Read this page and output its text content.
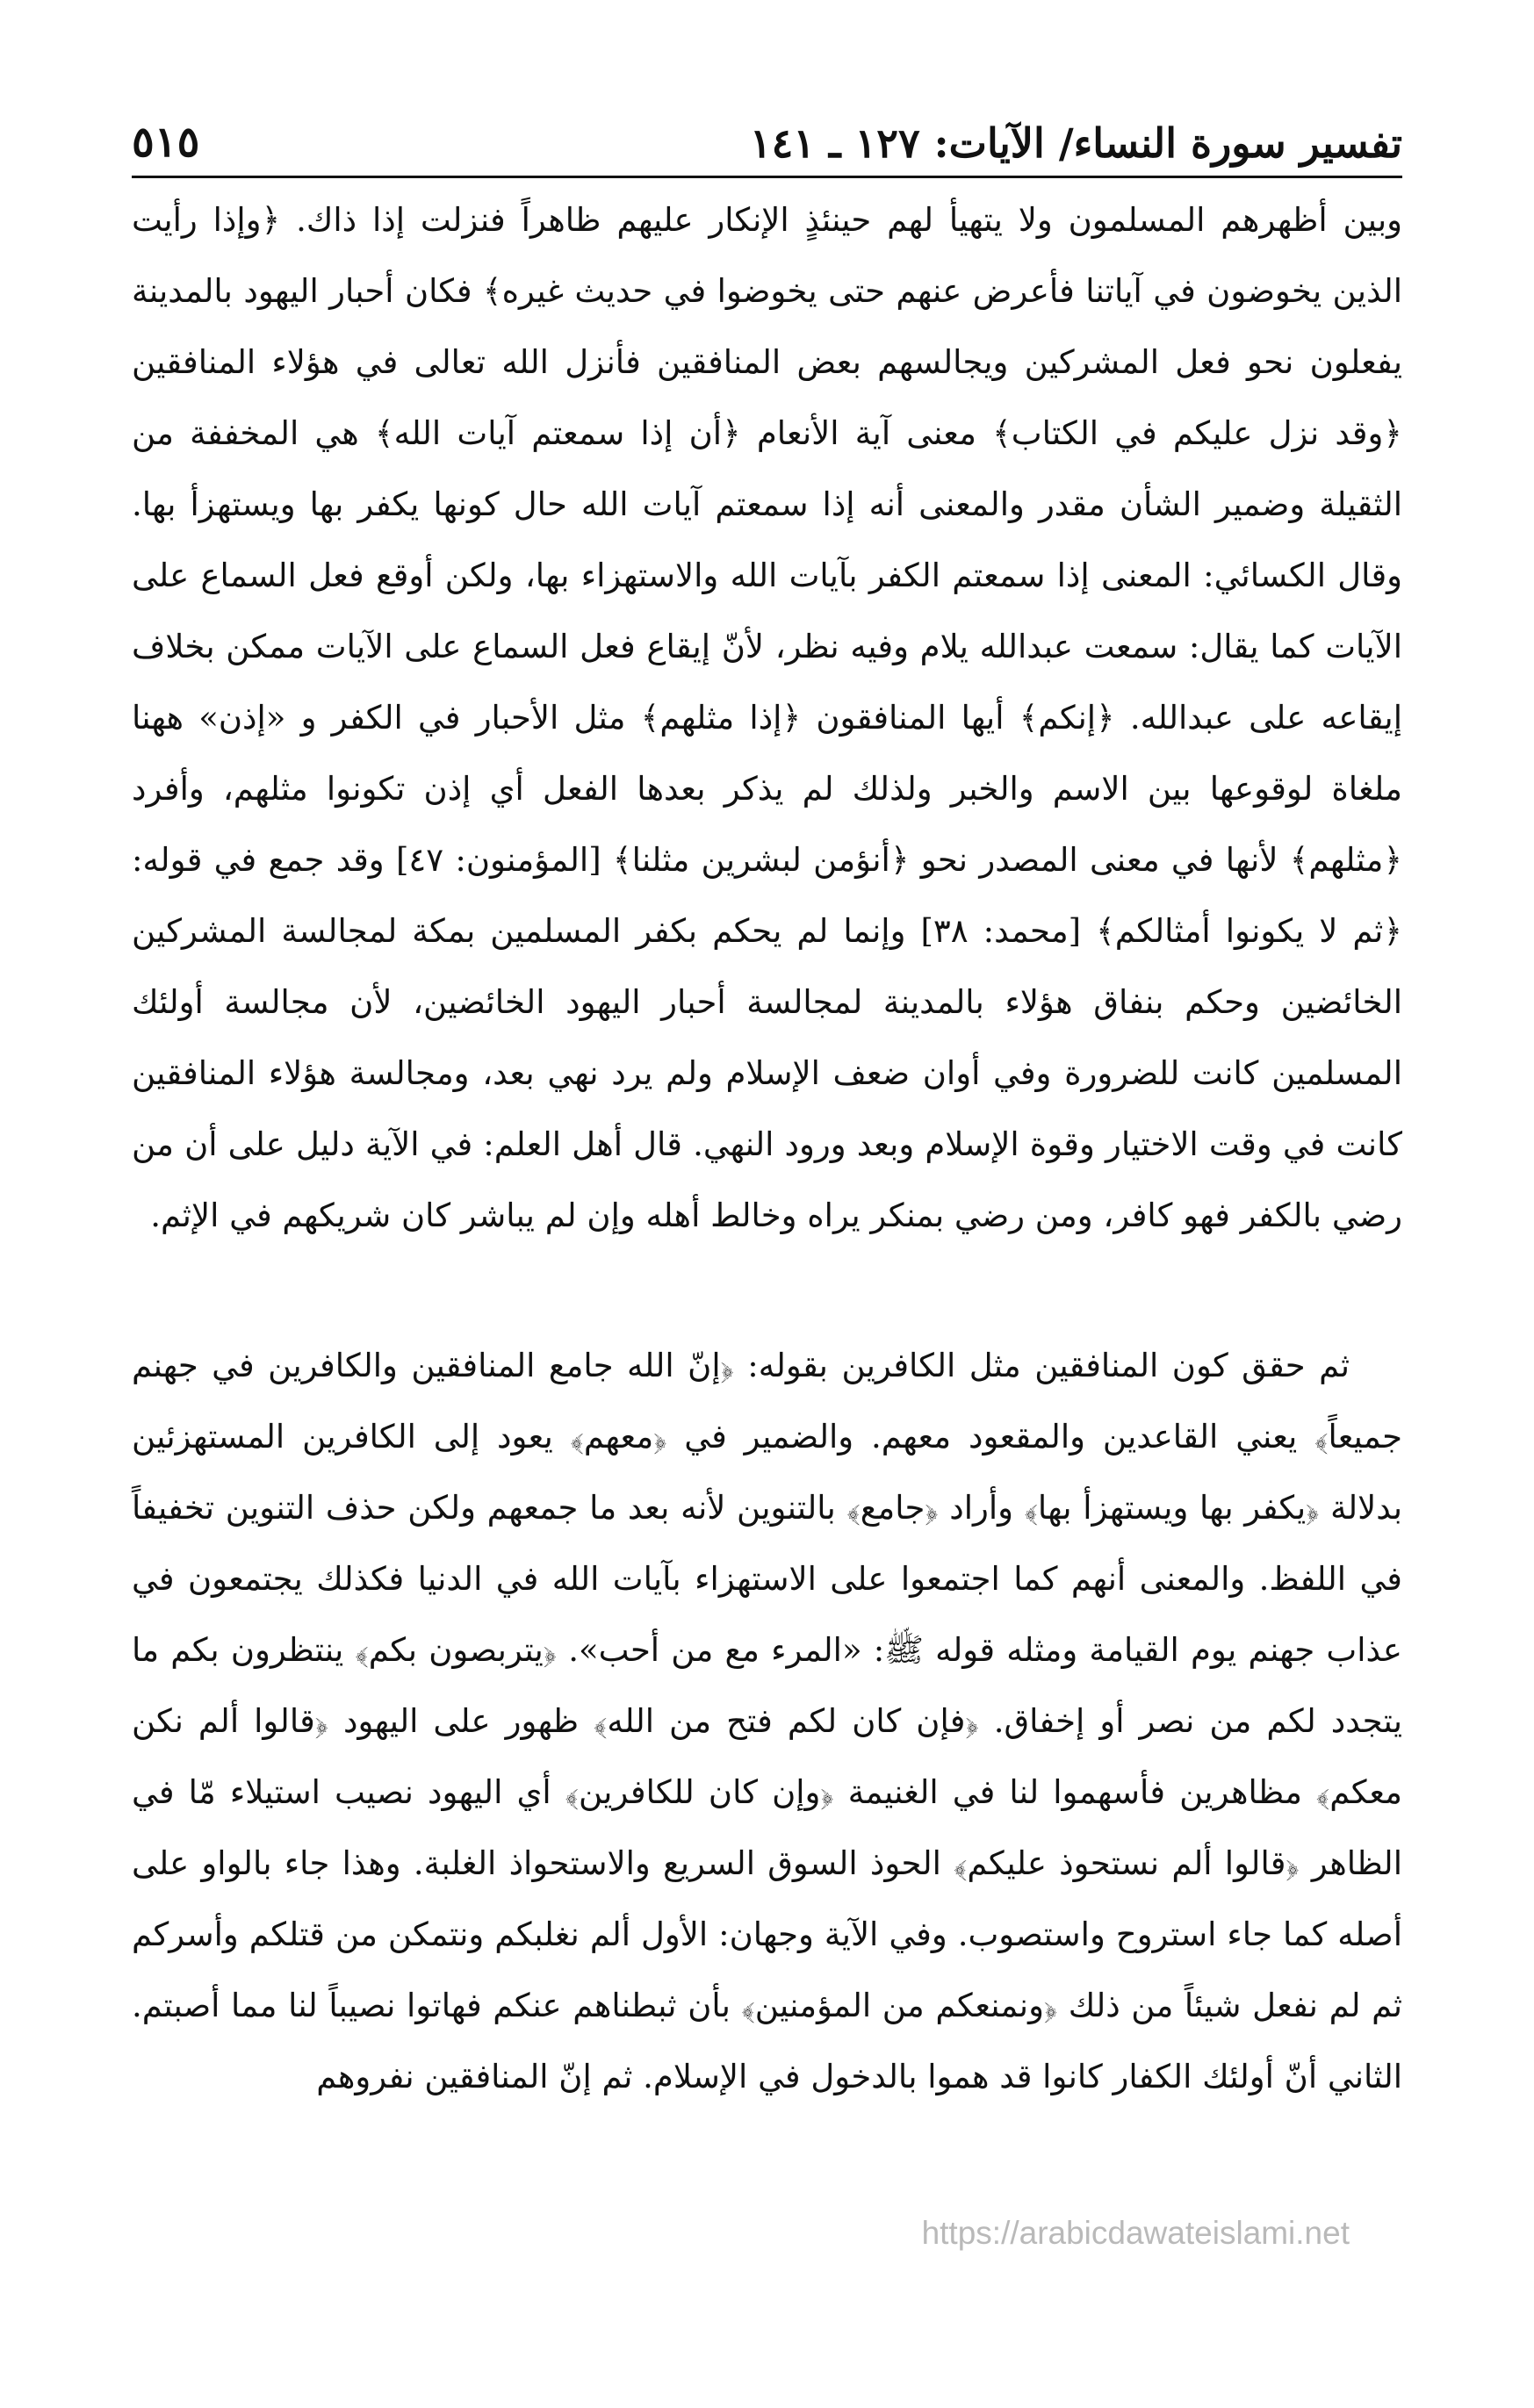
تفسير سورة النساء/ الآيات: ١٢٧ ـ ١٤١
٥١٥

وبين أظهرهم المسلمون ولا يتهيأ لهم حينئذٍ الإنكار عليهم ظاهراً فنزلت إذا ذاك. ﴿وإذا رأيت الذين يخوضون في آياتنا فأعرض عنهم حتى يخوضوا في حديث غيره﴾ فكان أحبار اليهود بالمدينة يفعلون نحو فعل المشركين ويجالسهم بعض المنافقين فأنزل الله تعالى في هؤلاء المنافقين ﴿وقد نزل عليكم في الكتاب﴾ معنى آية الأنعام ﴿أن إذا سمعتم آيات الله﴾ هي المخففة من الثقيلة وضمير الشأن مقدر والمعنى أنه إذا سمعتم آيات الله حال كونها يكفر بها ويستهزأ بها. وقال الكسائي: المعنى إذا سمعتم الكفر بآيات الله والاستهزاء بها، ولكن أوقع فعل السماع على الآيات كما يقال: سمعت عبدالله يلام وفيه نظر، لأنّ إيقاع فعل السماع على الآيات ممكن بخلاف إيقاعه على عبدالله. ﴿إنكم﴾ أيها المنافقون ﴿إذا مثلهم﴾ مثل الأحبار في الكفر و «إذن» ههنا ملغاة لوقوعها بين الاسم والخبر ولذلك لم يذكر بعدها الفعل أي إذن تكونوا مثلهم، وأفرد ﴿مثلهم﴾ لأنها في معنى المصدر نحو ﴿أنؤمن لبشرين مثلنا﴾ [المؤمنون: ٤٧] وقد جمع في قوله: ﴿ثم لا يكونوا أمثالكم﴾ [محمد: ٣٨] وإنما لم يحكم بكفر المسلمين بمكة لمجالسة المشركين الخائضين وحكم بنفاق هؤلاء بالمدينة لمجالسة أحبار اليهود الخائضين، لأن مجالسة أولئك المسلمين كانت للضرورة وفي أوان ضعف الإسلام ولم يرد نهي بعد، ومجالسة هؤلاء المنافقين كانت في وقت الاختيار وقوة الإسلام وبعد ورود النهي. قال أهل العلم: في الآية دليل على أن من رضي بالكفر فهو كافر، ومن رضي بمنكر يراه وخالط أهله وإن لم يباشر كان شريكهم في الإثم.

ثم حقق كون المنافقين مثل الكافرين بقوله: ﴿إنّ الله جامع المنافقين والكافرين في جهنم جميعاً﴾ يعني القاعدين والمقعود معهم. والضمير في ﴿معهم﴾ يعود إلى الكافرين المستهزئين بدلالة ﴿يكفر بها ويستهزأ بها﴾ وأراد ﴿جامع﴾ بالتنوين لأنه بعد ما جمعهم ولكن حذف التنوين تخفيفاً في اللفظ. والمعنى أنهم كما اجتمعوا على الاستهزاء بآيات الله في الدنيا فكذلك يجتمعون في عذاب جهنم يوم القيامة ومثله قوله ﷺ: «المرء مع من أحب». ﴿يتربصون بكم﴾ ينتظرون بكم ما يتجدد لكم من نصر أو إخفاق. ﴿فإن كان لكم فتح من الله﴾ ظهور على اليهود ﴿قالوا ألم نكن معكم﴾ مظاهرين فأسهموا لنا في الغنيمة ﴿وإن كان للكافرين﴾ أي اليهود نصيب استيلاء مّا في الظاهر ﴿قالوا ألم نستحوذ عليكم﴾ الحوذ السوق السريع والاستحواذ الغلبة. وهذا جاء بالواو على أصله كما جاء استروح واستصوب. وفي الآية وجهان: الأول ألم نغلبكم ونتمكن من قتلكم وأسركم ثم لم نفعل شيئاً من ذلك ﴿ونمنعكم من المؤمنين﴾ بأن ثبطناهم عنكم فهاتوا نصيباً لنا مما أصبتم. الثاني أنّ أولئك الكفار كانوا قد هموا بالدخول في الإسلام. ثم إنّ المنافقين نفروهم

https://arabicdawateislami.net
